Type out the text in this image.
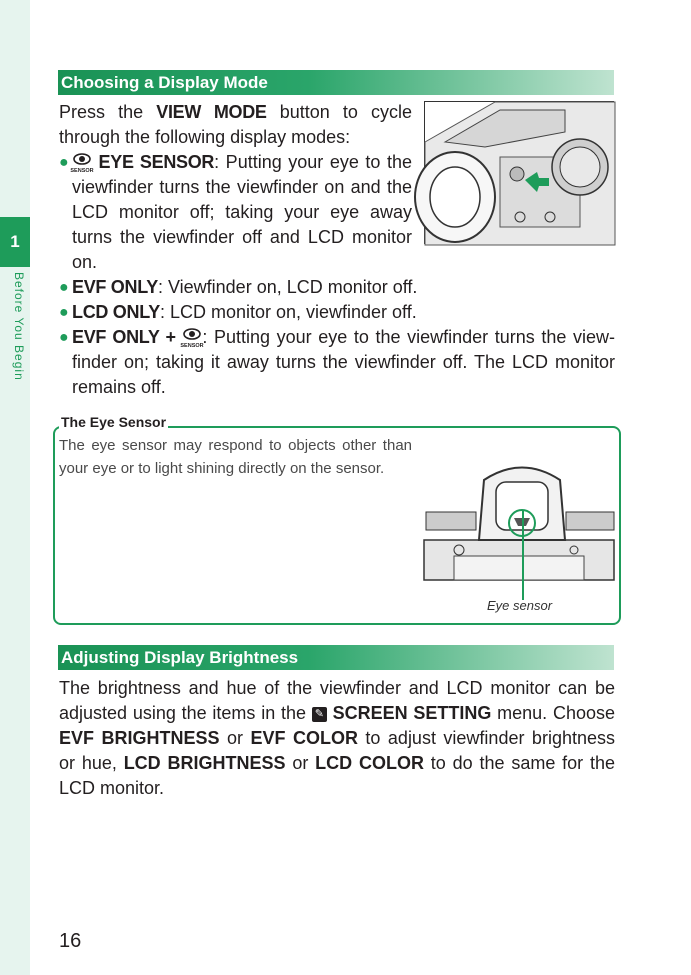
1
Before You Begin
Choosing a Display Mode
Press the VIEW MODE button to cycle through the following display modes:
●
SENSOR EYE SENSOR: Putting your eye to the viewfinder turns the viewfinder on and the LCD monitor off; taking your eye away turns the viewfinder off and LCD monitor on.
● EVF ONLY: Viewfinder on, LCD monitor off.
● LCD ONLY: LCD monitor on, viewfinder off.
● EVF ONLY + SENSOR
: Putting your eye to the viewfinder turns the viewfinder on; taking it away turns the viewfinder off. The LCD monitor remains off.
The Eye Sensor
The eye sensor may respond to objects other than your eye or to light shining directly on the sensor.
Eye sensor
Adjusting Display Brightness
The brightness and hue of the viewfinder and LCD monitor can be adjusted using the items in the ✎ SCREEN SETTING menu. Choose EVF BRIGHTNESS or EVF COLOR to adjust viewfinder brightness or hue, LCD BRIGHTNESS or LCD COLOR to do the same for the LCD monitor.
16
